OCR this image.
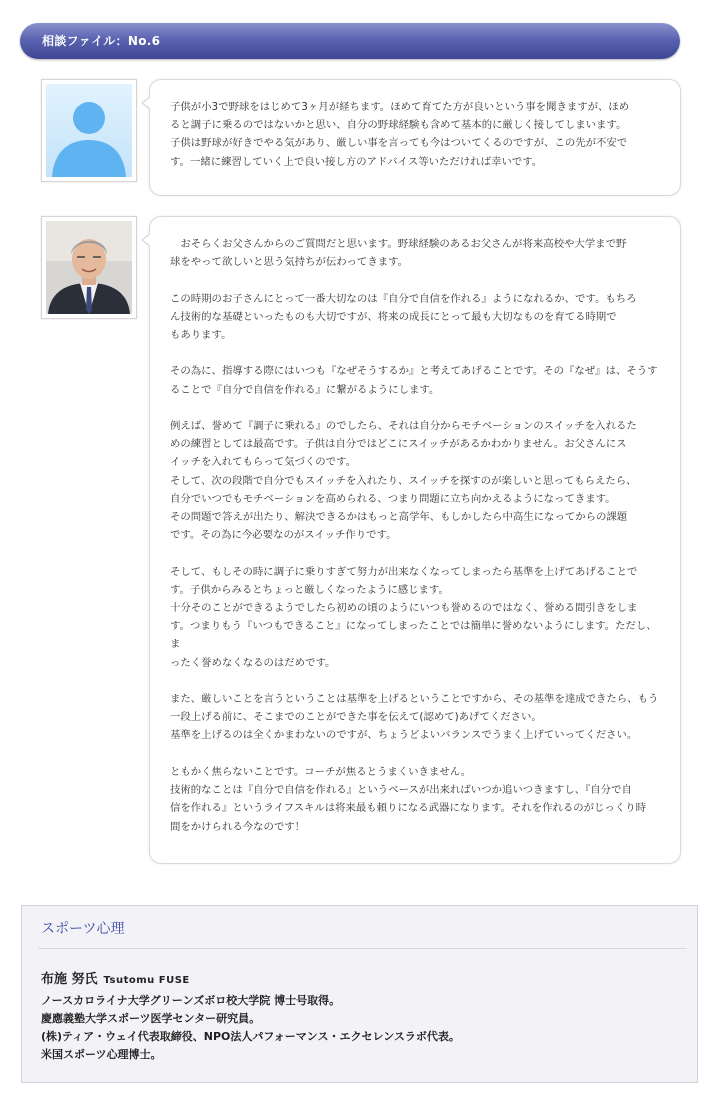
相談ファイル：No.6

子供が小3で野球をはじめて3ヶ月が経ちます。ほめて育てた方が良いという事を聞きますが、ほめ
ると調子に乗るのではないかと思い、自分の野球経験も含めて基本的に厳しく接してしまいます。
子供は野球が好きでやる気があり、厳しい事を言っても今はついてくるのですが、この先が不安で
す。一緒に練習していく上で良い接し方のアドバイス等いただければ幸いです。

　おそらくお父さんからのご質問だと思います。野球経験のあるお父さんが将来高校や大学まで野
球をやって欲しいと思う気持ちが伝わってきます。

この時期のお子さんにとって一番大切なのは『自分で自信を作れる』ようになれるか、です。もちろ
ん技術的な基礎といったものも大切ですが、将来の成長にとって最も大切なものを育てる時期で
もあります。

その為に、指導する際にはいつも『なぜそうするか』と考えてあげることです。その『なぜ』は、そうす
ることで『自分で自信を作れる』に繋がるようにします。

例えば、誉めて『調子に乗れる』のでしたら、それは自分からモチベーションのスイッチを入れるた
めの練習としては最高です。子供は自分ではどこにスイッチがあるかわかりません。お父さんにス
イッチを入れてもらって気づくのです。
そして、次の段階で自分でもスイッチを入れたり、スイッチを探すのが楽しいと思ってもらえたら、
自分でいつでもモチベーションを高められる、つまり問題に立ち向かえるようになってきます。
その問題で答えが出たり、解決できるかはもっと高学年、もしかしたら中高生になってからの課題
です。その為に今必要なのがスイッチ作りです。

そして、もしその時に調子に乗りすぎて努力が出来なくなってしまったら基準を上げてあげることで
す。子供からみるとちょっと厳しくなったように感じます。
十分そのことができるようでしたら初めの頃のようにいつも誉めるのではなく、誉める間引きをしま
す。つまりもう『いつもできること』になってしまったことでは簡単に誉めないようにします。ただし、ま
ったく誉めなくなるのはだめです。

また、厳しいことを言うということは基準を上げるということですから、その基準を達成できたら、もう
一段上げる前に、そこまでのことができた事を伝えて(認めて)あげてください。
基準を上げるのは全くかまわないのですが、ちょうどよいバランスでうまく上げていってください。

ともかく焦らないことです。コーチが焦るとうまくいきません。
技術的なことは『自分で自信を作れる』というベースが出来ればいつか追いつきますし、『自分で自
信を作れる』というライフスキルは将来最も頼りになる武器になります。それを作れるのがじっくり時
間をかけられる今なのです！

スポーツ心理
布施 努氏 Tsutomu FUSE
ノースカロライナ大学グリーンズボロ校大学院 博士号取得。
慶應義塾大学スポーツ医学センター研究員。
(株)ティア・ウェイ代表取締役、NPO法人パフォーマンス・エクセレンスラボ代表。
米国スポーツ心理博士。
